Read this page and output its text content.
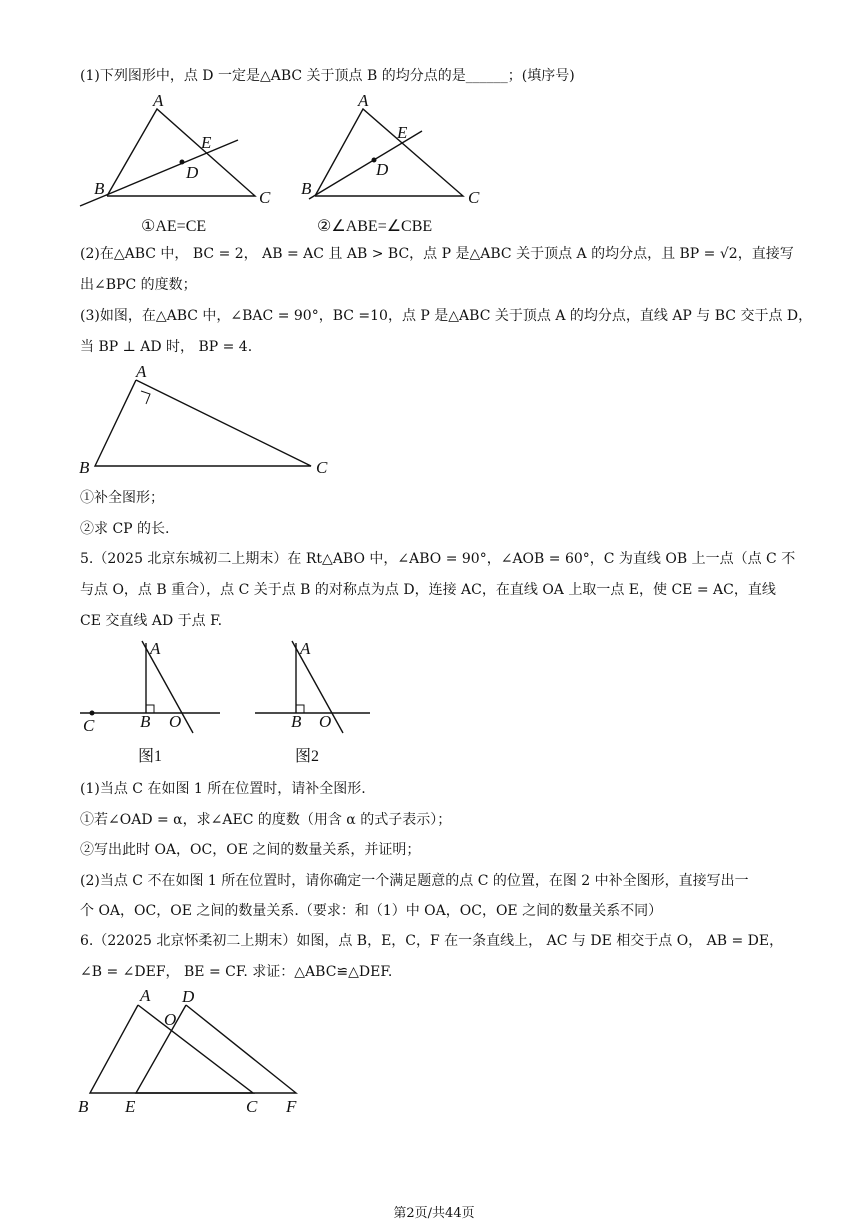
(1)下列图形中，点 D 一定是△ABC 关于顶点 B 的均分点的是______；(填序号)
A
B	C
D
E
①AE=CE
A
B	C
D
E
②∠ABE=∠CBE
(2)在△ABC 中， BC = 2， AB = AC 且 AB > BC，点 P 是△ABC 关于顶点 A 的均分点，且 BP = √2，直接写
出∠BPC 的度数；
(3)如图，在△ABC 中，∠BAC = 90°，BC =10，点 P 是△ABC 关于顶点 A 的均分点，直线 AP 与 BC 交于点 D，
当 BP ⊥ AD 时， BP = 4.
A
B	C
①补全图形；
②求 CP 的长.
5.（2025 北京东城初二上期末）在 Rt△ABO 中，∠ABO = 90°，∠AOB = 60°，C 为直线 OB 上一点（点 C 不
与点 O，点 B 重合），点 C 关于点 B 的对称点为点 D，连接 AC，在直线 OA 上取一点 E，使 CE = AC，直线
CE 交直线 AD 于点 F.
A
C	B O
图1
A
B O
图2
(1)当点 C 在如图 1 所在位置时，请补全图形.
①若∠OAD = α，求∠AEC 的度数（用含 α 的式子表示）；
②写出此时 OA，OC，OE 之间的数量关系，并证明；
(2)当点 C 不在如图 1 所在位置时，请你确定一个满足题意的点 C 的位置，在图 2 中补全图形，直接写出一
个 OA，OC，OE 之间的数量关系.（要求：和（1）中 OA，OC，OE 之间的数量关系不同）
6.（22025 北京怀柔初二上期末）如图，点 B，E，C，F 在一条直线上， AC 与 DE 相交于点 O， AB = DE，
∠B = ∠DEF， BE = CF. 求证：△ABC≌△DEF.
A D
O
B E	C F
第2页/共44页
